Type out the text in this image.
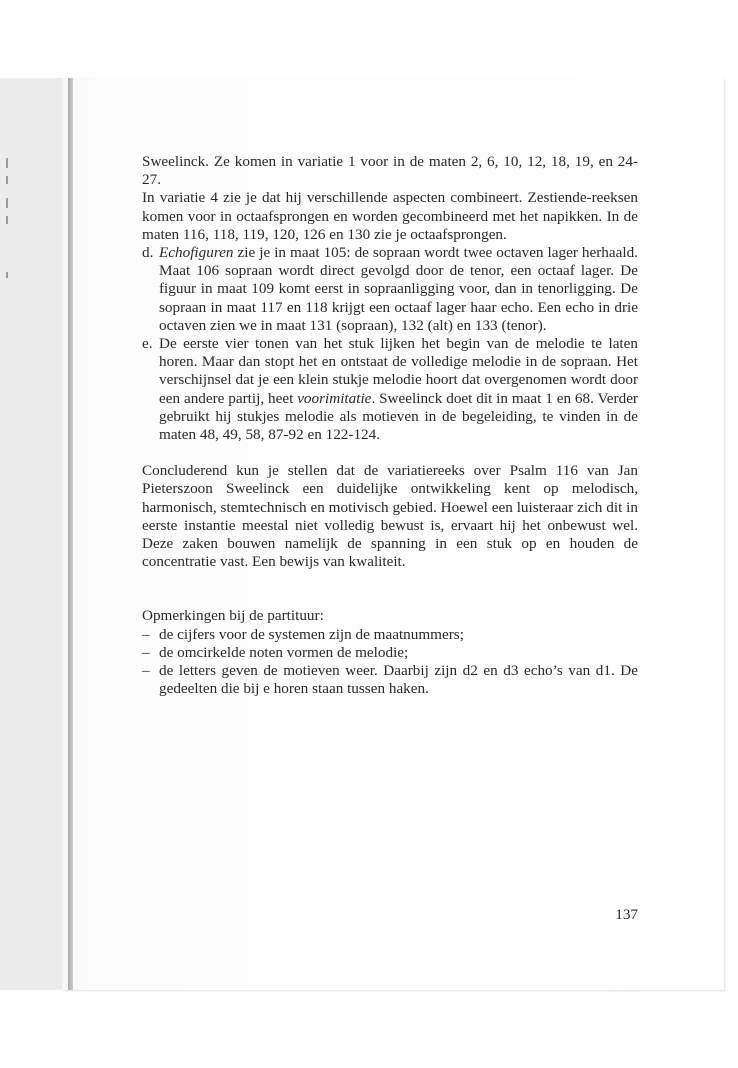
Sweelinck. Ze komen in variatie 1 voor in de maten 2, 6, 10, 12, 18, 19, en 24-27.

In variatie 4 zie je dat hij verschillende aspecten combineert. Zestiende-reeksen komen voor in octaafsprongen en worden gecombineerd met het napikken. In de maten 116, 118, 119, 120, 126 en 130 zie je octaafsprongen.

d. Echofiguren zie je in maat 105: de sopraan wordt twee octaven lager herhaald. Maat 106 sopraan wordt direct gevolgd door de tenor, een octaaf lager. De figuur in maat 109 komt eerst in sopraanligging voor, dan in tenorligging. De sopraan in maat 117 en 118 krijgt een octaaf lager haar echo. Een echo in drie octaven zien we in maat 131 (sopraan), 132 (alt) en 133 (tenor).

e. De eerste vier tonen van het stuk lijken het begin van de melodie te laten horen. Maar dan stopt het en ontstaat de volledige melodie in de sopraan. Het verschijnsel dat je een klein stukje melodie hoort dat overgenomen wordt door een andere partij, heet voorimitatie. Sweelinck doet dit in maat 1 en 68. Verder gebruikt hij stukjes melodie als motieven in de begeleiding, te vinden in de maten 48, 49, 58, 87-92 en 122-124.

Concluderend kun je stellen dat de variatiereeks over Psalm 116 van Jan Pieterszoon Sweelinck een duidelijke ontwikkeling kent op melodisch, harmonisch, stemtechnisch en motivisch gebied. Hoewel een luisteraar zich dit in eerste instantie meestal niet volledig bewust is, ervaart hij het onbewust wel. Deze zaken bouwen namelijk de spanning in een stuk op en houden de concentratie vast. Een bewijs van kwaliteit.

Opmerkingen bij de partituur:

– de cijfers voor de systemen zijn de maatnummers;

– de omcirkelde noten vormen de melodie;

– de letters geven de motieven weer. Daarbij zijn d2 en d3 echo’s van d1. De gedeelten die bij e horen staan tussen haken.

137
